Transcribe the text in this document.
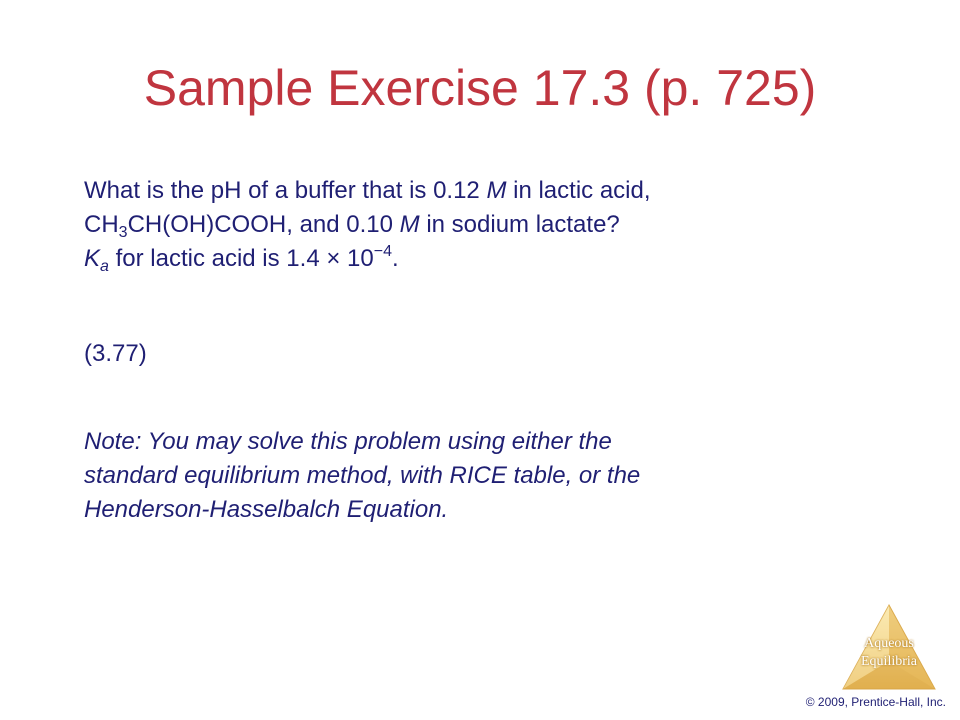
Sample Exercise 17.3 (p. 725)
What is the pH of a buffer that is 0.12 M in lactic acid,
$CH_3CH(OH)COOH$, and 0.10 M in sodium lactate?
$K_a$ for lactic acid is $1.4 \times 10^{-4}$.
(3.77)
Note: You may solve this problem using either the
standard equilibrium method, with RICE table, or the
Henderson-Hasselbalch Equation.
Aqueous
Equilibria
© 2009, Prentice-Hall, Inc.
